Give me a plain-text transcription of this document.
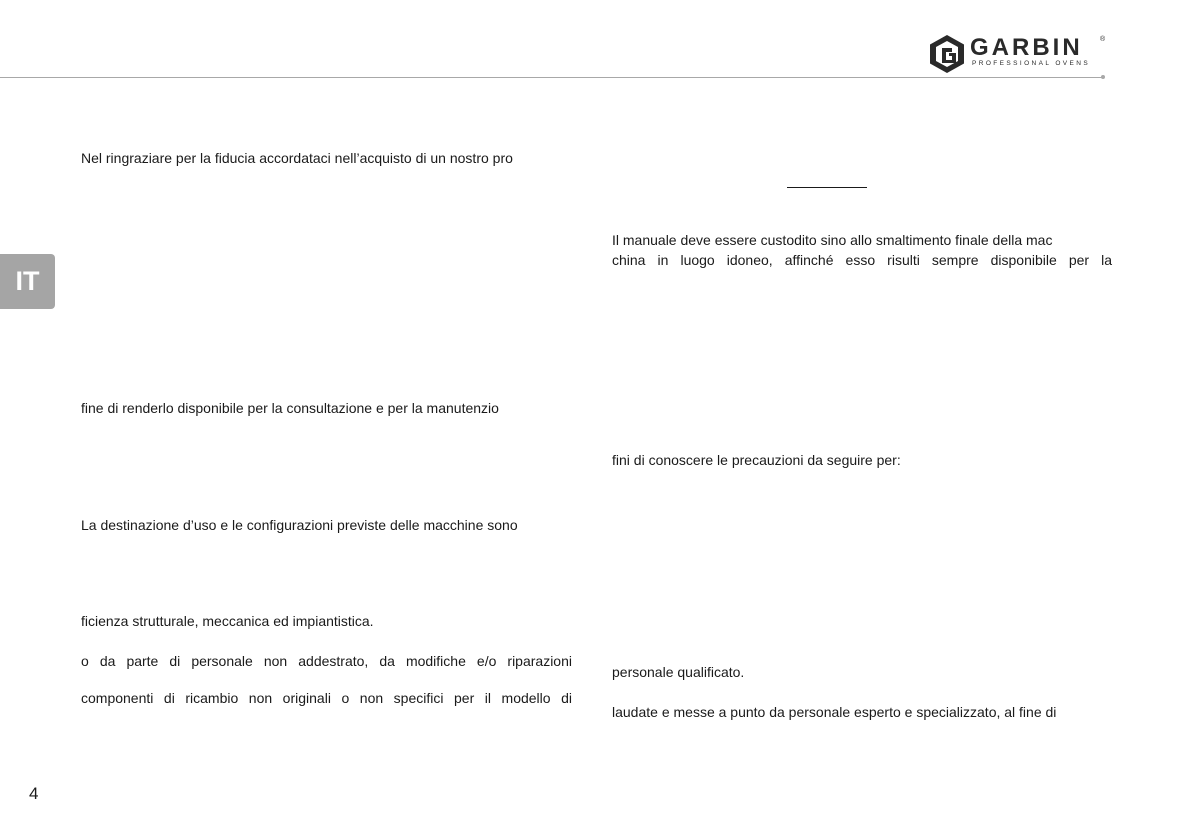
GARBIN ®
PROFESSIONAL OVENS
IT
Nel ringraziare per la fiducia accordataci nell’acquisto di un nostro pro
fine di renderlo disponibile per la consultazione e per la manutenzio
La destinazione d’uso e le configurazioni previste delle macchine sono
ficienza strutturale, meccanica ed impiantistica.
o da parte di personale non addestrato, da modifiche e/o riparazioni
componenti di ricambio non originali o non specifici per il modello di
Il manuale deve essere custodito sino allo smaltimento finale della mac
china in luogo idoneo, affinché esso risulti sempre disponibile per la
fini di conoscere le precauzioni da seguire per:
personale qualificato.
laudate e messe a punto da personale esperto e specializzato, al fine di
4
